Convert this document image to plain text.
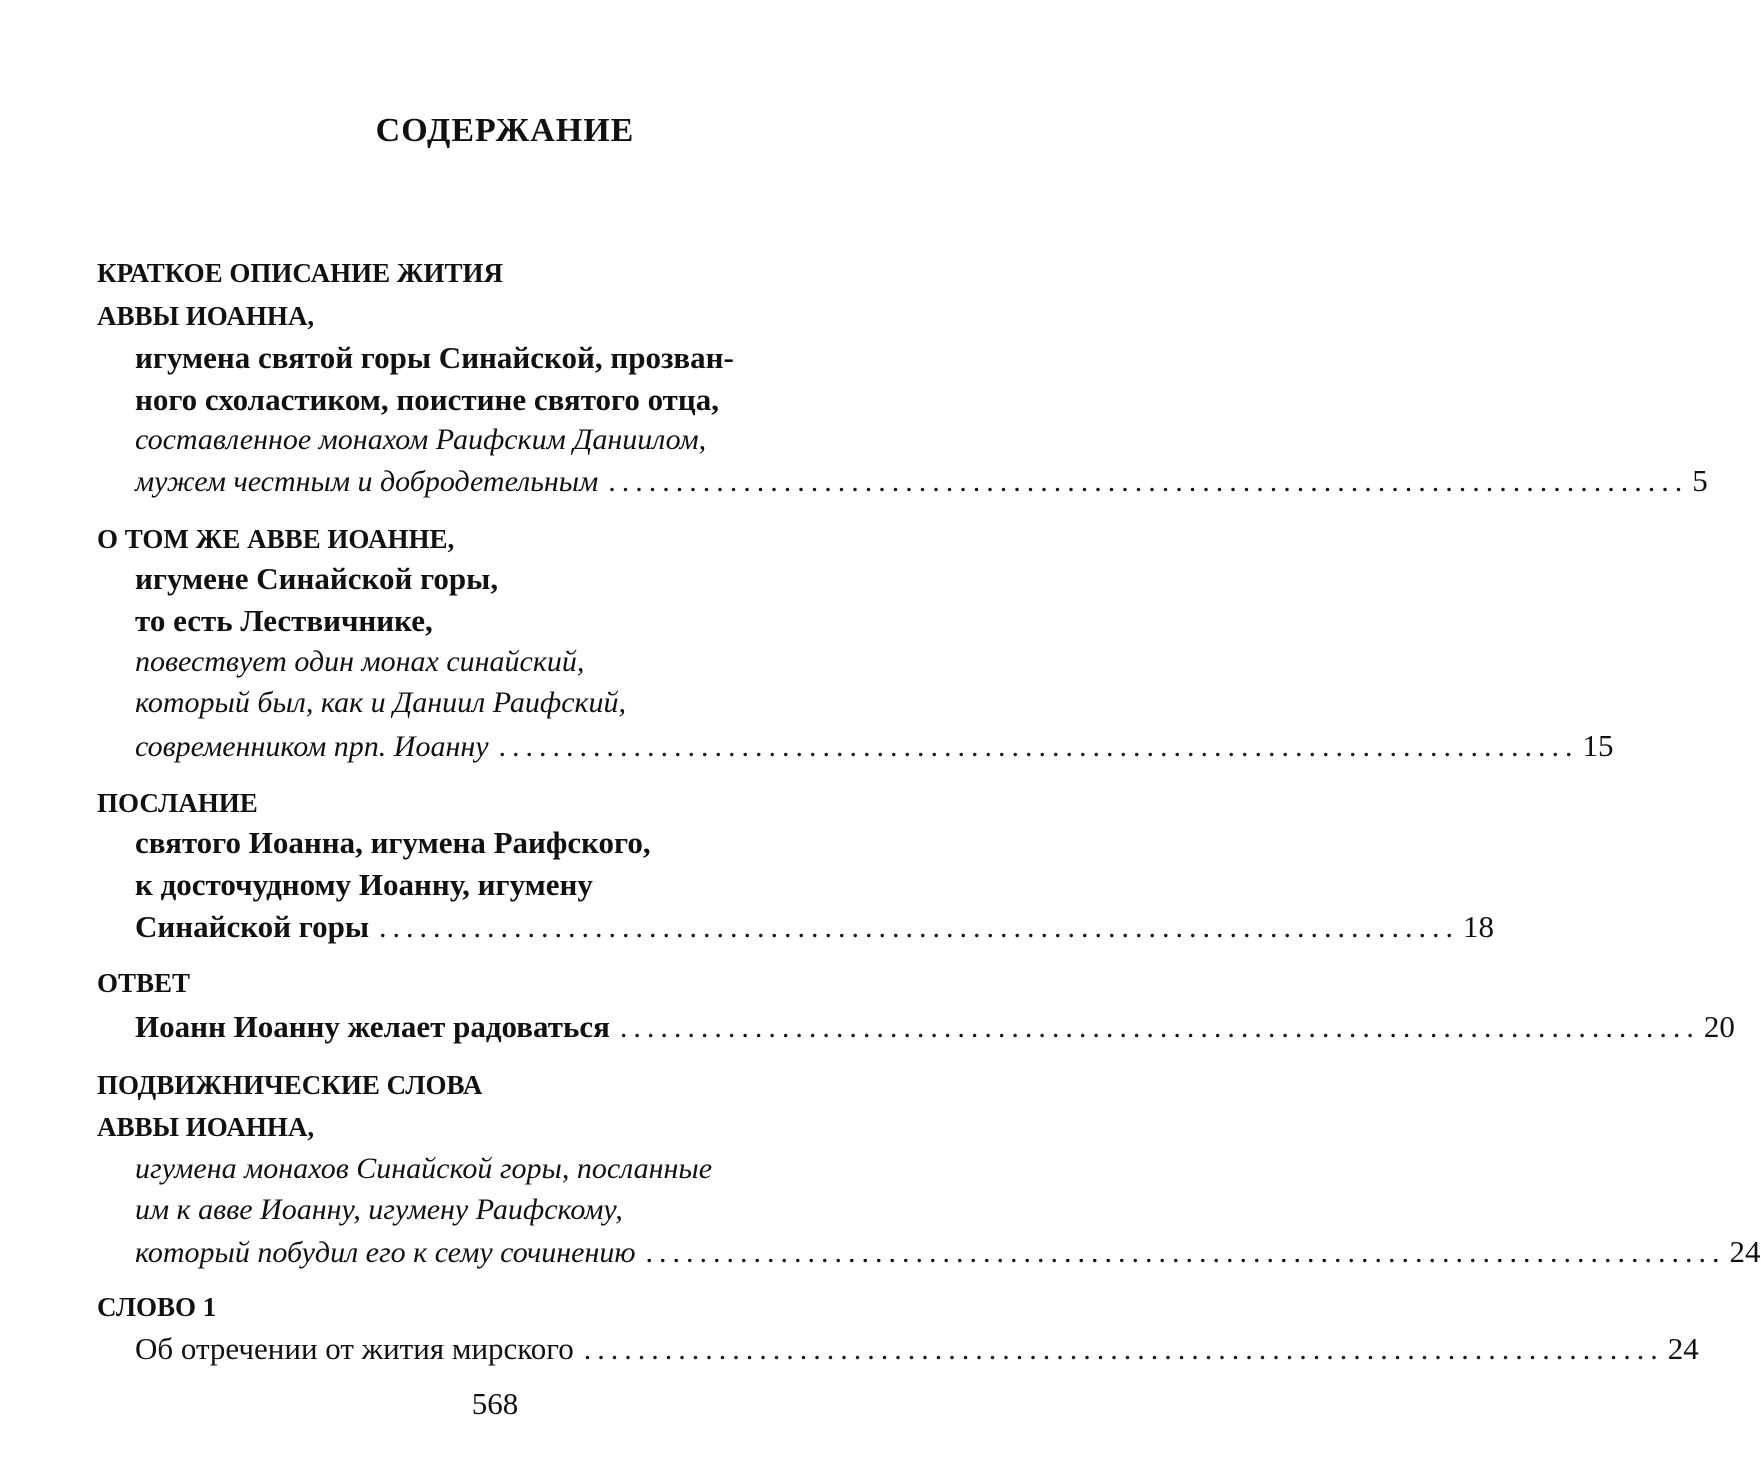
СОДЕРЖАНИЕ
КРАТКОЕ ОПИСАНИЕ ЖИТИЯ
АВВЫ ИОАННА,
игумена святой горы Синайской, прозван-
ного схоластиком, поистине святого отца,
составленное монахом Раифским Даниилом,
мужем честным и добродетельным ................................................................................ 5
О ТОМ ЖЕ АВВЕ ИОАННЕ,
игумене Синайской горы,
то есть Лествичнике,
повествует один монах синайский,
который был, как и Даниил Раифский,
современником прп. Иоанну ................................................................................ 15
ПОСЛАНИЕ
святого Иоанна, игумена Раифского,
к досточудному Иоанну, игумену
Синайской горы ................................................................................ 18
ОТВЕТ
Иоанн Иоанну желает радоваться ................................................................................ 20
ПОДВИЖНИЧЕСКИЕ СЛОВА
АВВЫ ИОАННА,
игумена монахов Синайской горы, посланные
им к авве Иоанну, игумену Раифскому,
который побудил его к сему сочинению ................................................................................ 24
СЛОВО 1
Об отречении от жития мирского ................................................................................ 24
568
